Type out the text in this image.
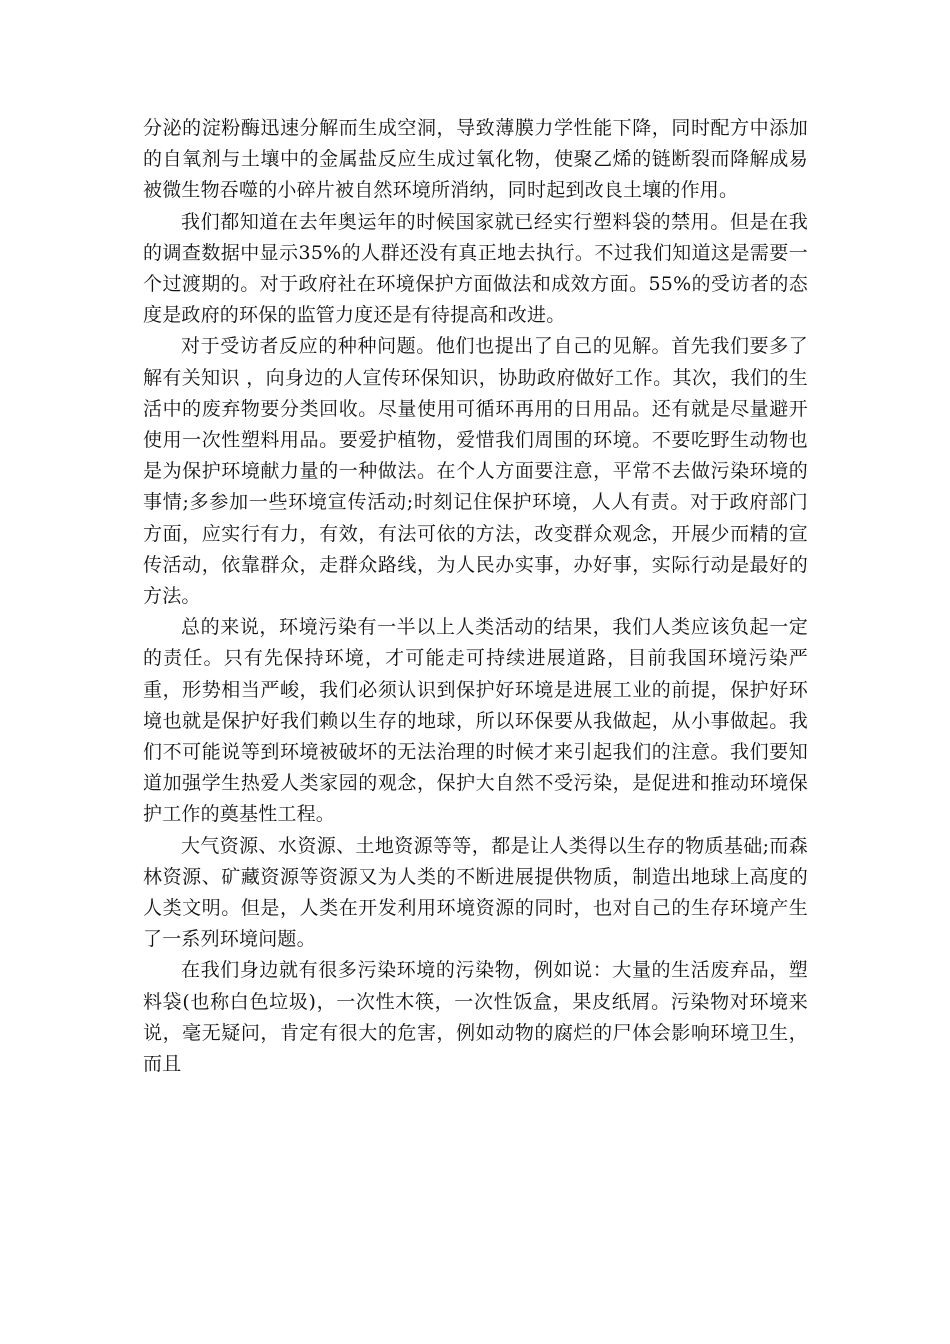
分泌的淀粉酶迅速分解而生成空洞，导致薄膜力学性能下降，同时配方中添加的自氧剂与土壤中的金属盐反应生成过氧化物，使聚乙烯的链断裂而降解成易被微生物吞噬的小碎片被自然环境所消纳，同时起到改良土壤的作用。

我们都知道在去年奥运年的时候国家就已经实行塑料袋的禁用。但是在我的调查数据中显示35%的人群还没有真正地去执行。不过我们知道这是需要一个过渡期的。对于政府社在环境保护方面做法和成效方面。55%的受访者的态度是政府的环保的监管力度还是有待提高和改进。

对于受访者反应的种种问题。他们也提出了自己的见解。首先我们要多了解有关知识 ，向身边的人宣传环保知识，协助政府做好工作。其次，我们的生活中的废弃物要分类回收。尽量使用可循环再用的日用品。还有就是尽量避开使用一次性塑料用品。要爱护植物，爱惜我们周围的环境。不要吃野生动物也是为保护环境献力量的一种做法。在个人方面要注意，平常不去做污染环境的事情;多参加一些环境宣传活动;时刻记住保护环境，人人有责。对于政府部门方面，应实行有力，有效，有法可依的方法，改变群众观念，开展少而精的宣传活动，依靠群众，走群众路线，为人民办实事，办好事，实际行动是最好的方法。

总的来说，环境污染有一半以上人类活动的结果，我们人类应该负起一定的责任。只有先保持环境，才可能走可持续进展道路，目前我国环境污染严重，形势相当严峻，我们必须认识到保护好环境是进展工业的前提，保护好环境也就是保护好我们赖以生存的地球，所以环保要从我做起，从小事做起。我们不可能说等到环境被破坏的无法治理的时候才来引起我们的注意。我们要知道加强学生热爱人类家园的观念，保护大自然不受污染，是促进和推动环境保护工作的奠基性工程。

大气资源、水资源、土地资源等等，都是让人类得以生存的物质基础;而森林资源、矿藏资源等资源又为人类的不断进展提供物质，制造出地球上高度的人类文明。但是，人类在开发利用环境资源的同时，也对自己的生存环境产生了一系列环境问题。

在我们身边就有很多污染环境的污染物，例如说：大量的生活废弃品，塑料袋(也称白色垃圾)，一次性木筷，一次性饭盒，果皮纸屑。污染物对环境来说，毫无疑问，肯定有很大的危害，例如动物的腐烂的尸体会影响环境卫生，而且
